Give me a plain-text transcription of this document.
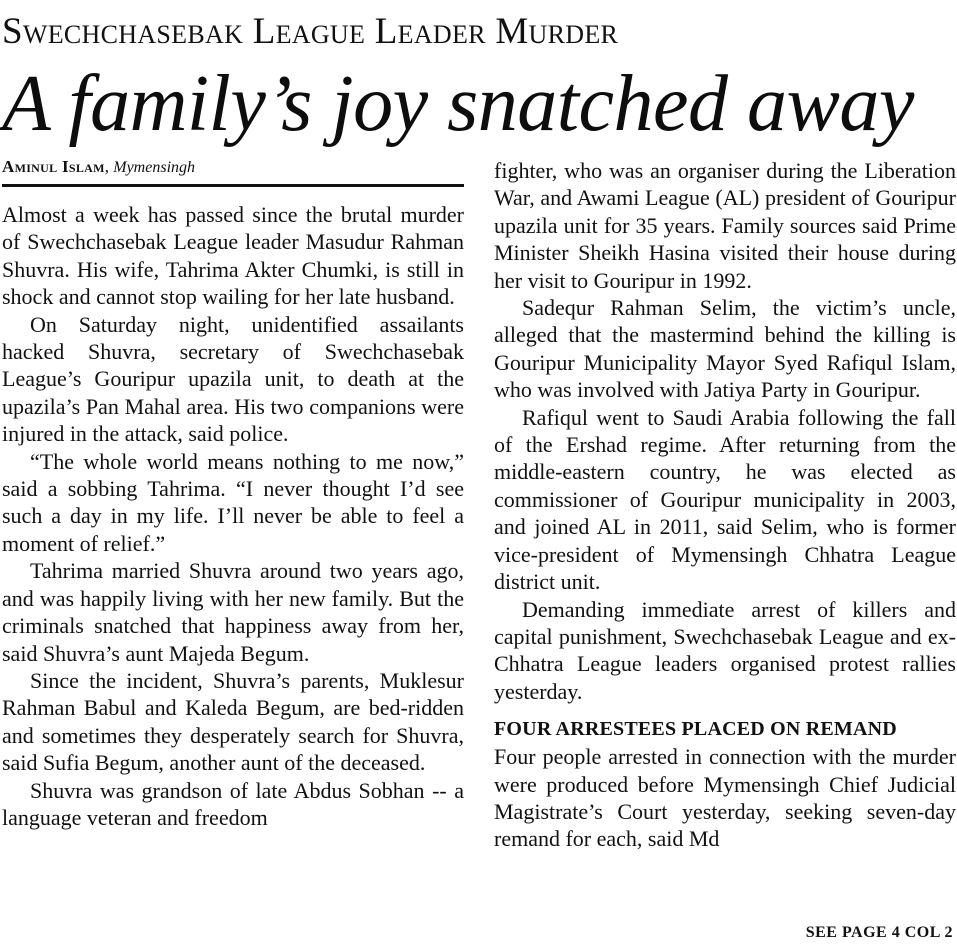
Swechchasebak League Leader Murder
A family’s joy snatched away
Aminul Islam, Mymensingh

Almost a week has passed since the brutal murder of Swechchasebak League leader Masudur Rahman Shuvra. His wife, Tahrima Akter Chumki, is still in shock and cannot stop wailing for her late husband.

On Saturday night, unidentified assailants hacked Shuvra, secretary of Swechchasebak League’s Gouripur upazila unit, to death at the upazila’s Pan Mahal area. His two companions were injured in the attack, said police.

“The whole world means nothing to me now,” said a sobbing Tahrima. “I never thought I’d see such a day in my life. I’ll never be able to feel a moment of relief.”

Tahrima married Shuvra around two years ago, and was happily living with her new family. But the criminals snatched that happiness away from her, said Shuvra’s aunt Majeda Begum.

Since the incident, Shuvra’s parents, Muklesur Rahman Babul and Kaleda Begum, are bed-ridden and sometimes they desperately search for Shuvra, said Sufia Begum, another aunt of the deceased.

Shuvra was grandson of late Abdus Sobhan -- a language veteran and freedom

fighter, who was an organiser during the Liberation War, and Awami League (AL) president of Gouripur upazila unit for 35 years. Family sources said Prime Minister Sheikh Hasina visited their house during her visit to Gouripur in 1992.

Sadequr Rahman Selim, the victim’s uncle, alleged that the mastermind behind the killing is Gouripur Municipality Mayor Syed Rafiqul Islam, who was involved with Jatiya Party in Gouripur.

Rafiqul went to Saudi Arabia following the fall of the Ershad regime. After returning from the middle-eastern country, he was elected as commissioner of Gouripur municipality in 2003, and joined AL in 2011, said Selim, who is former vice-president of Mymensingh Chhatra League district unit.

Demanding immediate arrest of killers and capital punishment, Swechchasebak League and ex-Chhatra League leaders organised protest rallies yesterday.

FOUR ARRESTEES PLACED ON REMAND

Four people arrested in connection with the murder were produced before Mymensingh Chief Judicial Magistrate’s Court yesterday, seeking seven-day remand for each, said Md

SEE PAGE 4 COL 2
